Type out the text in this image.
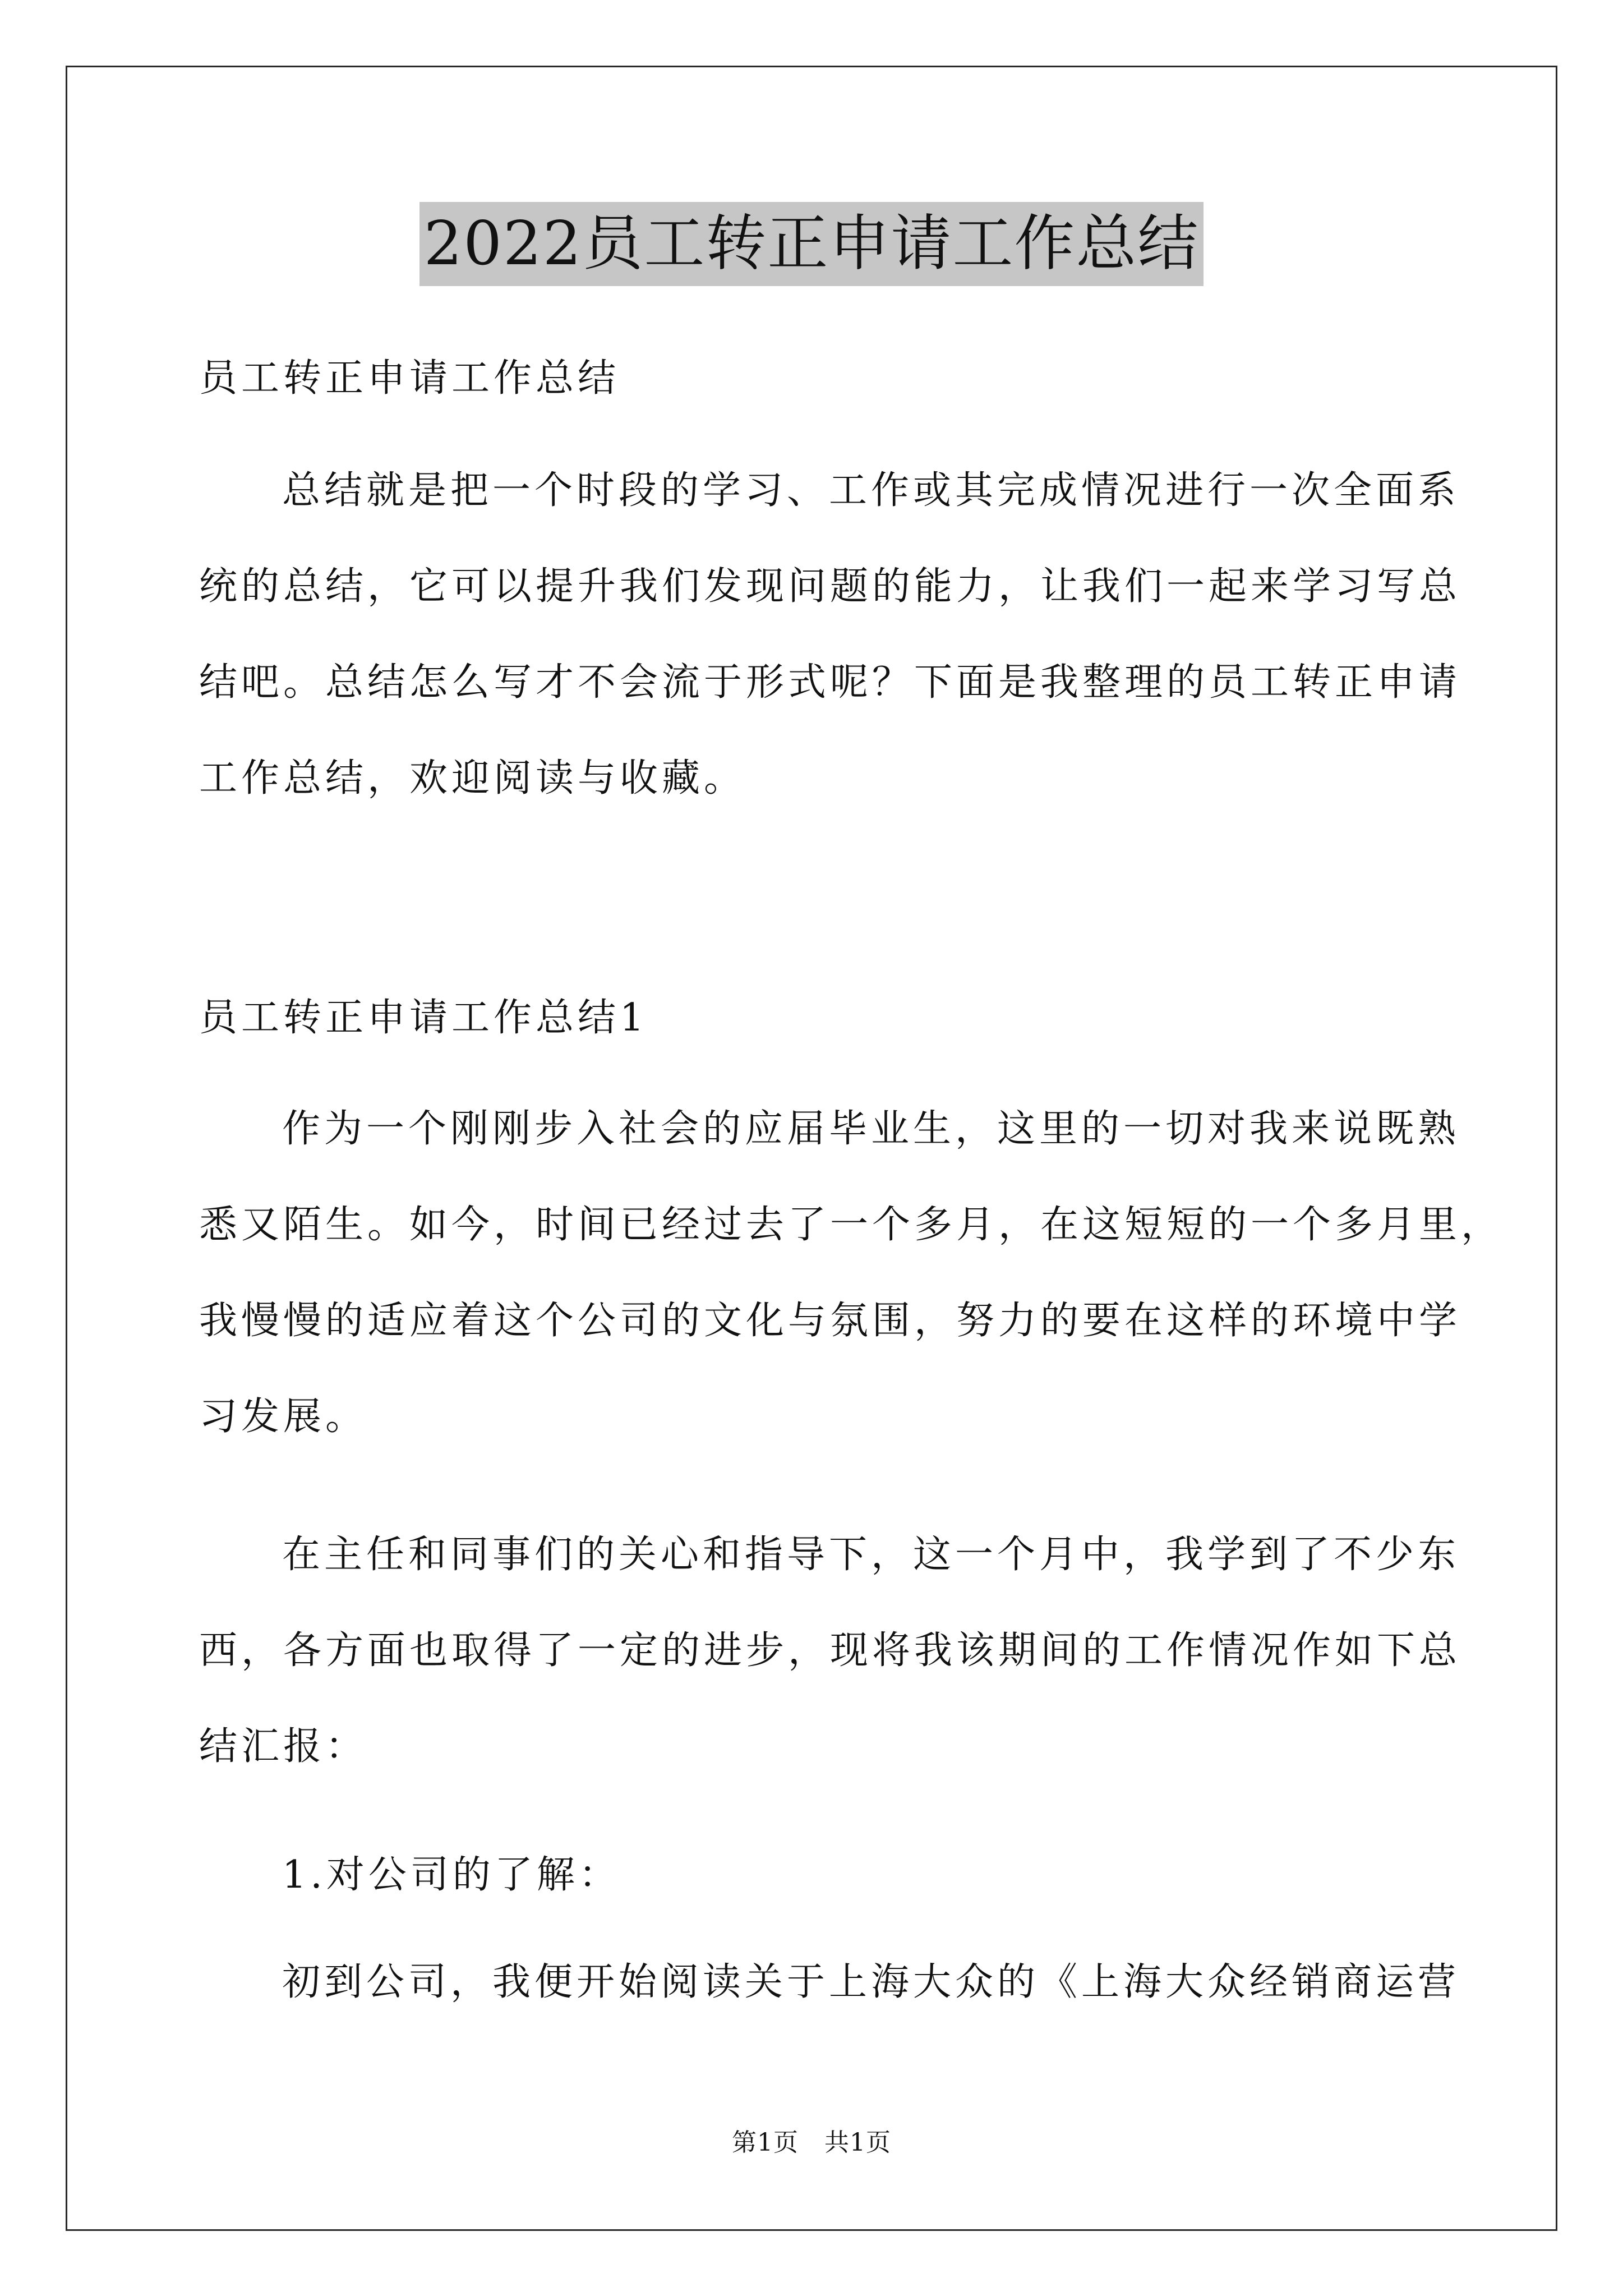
2022员工转正申请工作总结
员工转正申请工作总结
总结就是把一个时段的学习、工作或其完成情况进行一次全面系
统的总结，它可以提升我们发现问题的能力，让我们一起来学习写总
结吧。总结怎么写才不会流于形式呢？下面是我整理的员工转正申请
工作总结，欢迎阅读与收藏。
员工转正申请工作总结1
作为一个刚刚步入社会的应届毕业生，这里的一切对我来说既熟
悉又陌生。如今，时间已经过去了一个多月，在这短短的一个多月里，
我慢慢的适应着这个公司的文化与氛围，努力的要在这样的环境中学
习发展。
在主任和同事们的关心和指导下，这一个月中，我学到了不少东
西，各方面也取得了一定的进步，现将我该期间的工作情况作如下总
结汇报：
1.对公司的了解：
初到公司，我便开始阅读关于上海大众的《上海大众经销商运营
第1页 共1页
